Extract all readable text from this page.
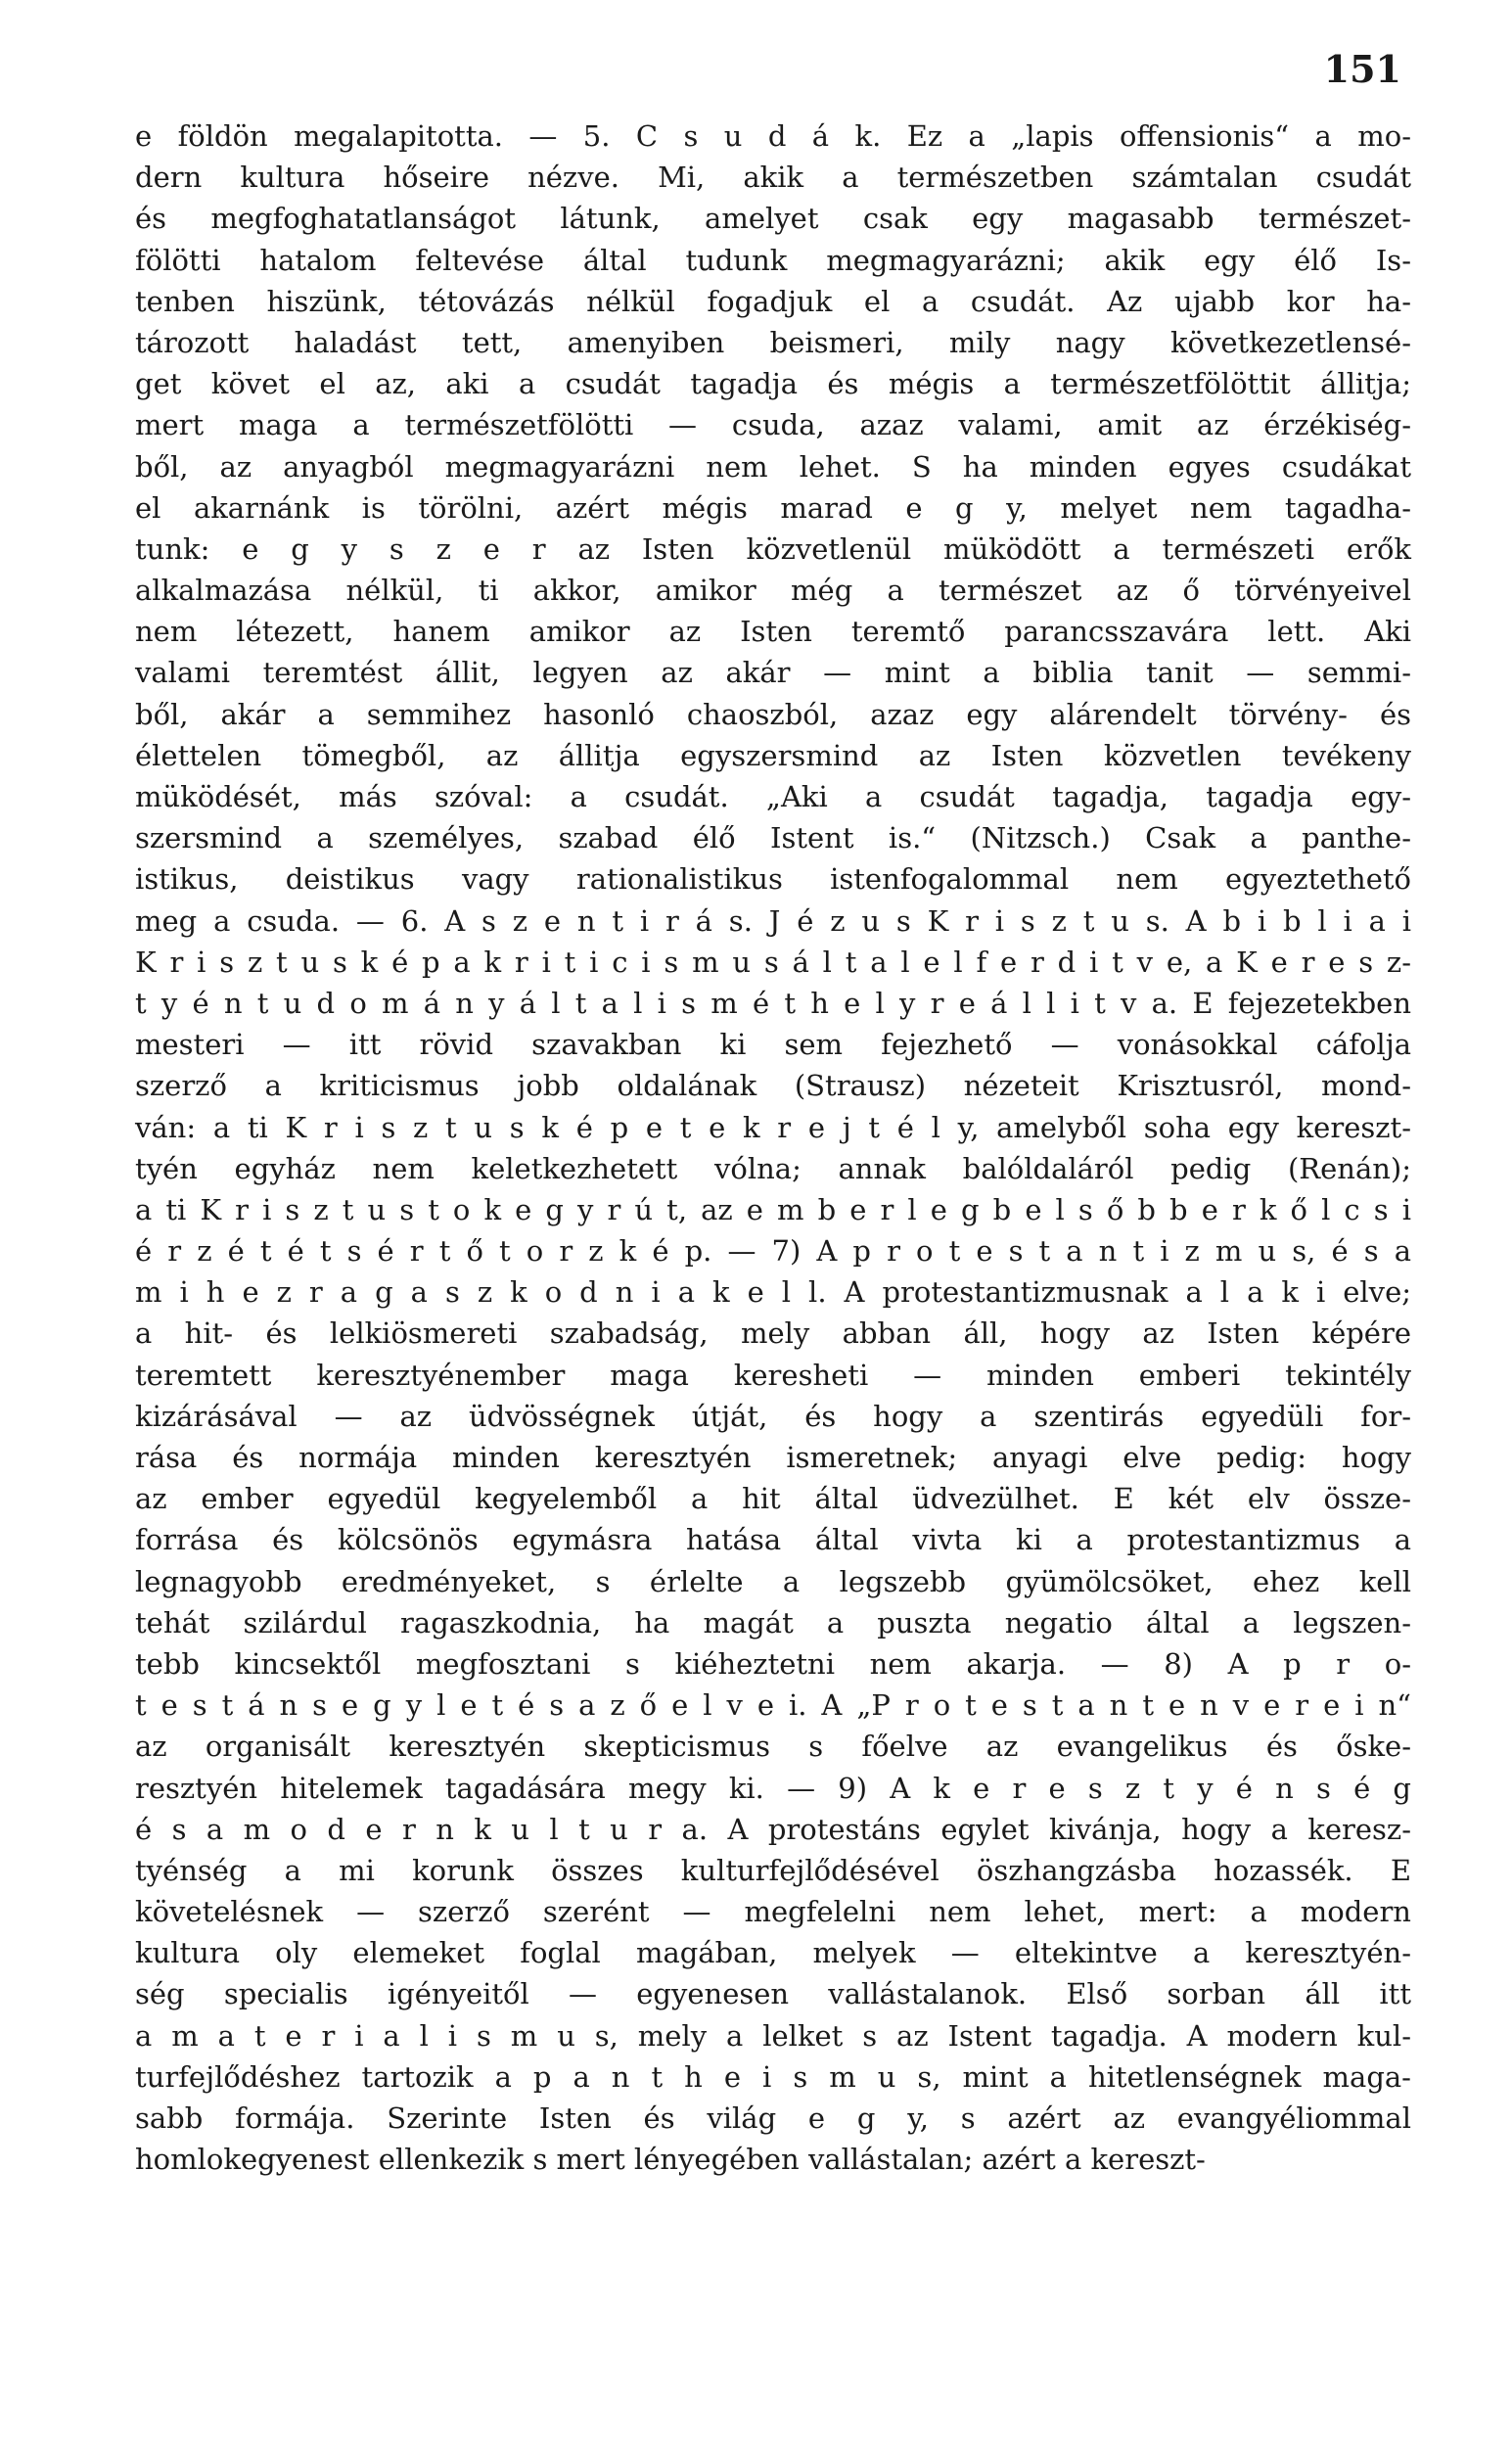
151
e földön megalapitotta. — 5. C s u d á k. Ez a „lapis offensionis“ a mo-
dern kultura hőseire nézve. Mi, akik a természetben számtalan csudát
és megfoghatatlanságot látunk, amelyet csak egy magasabb természet-
fölötti hatalom feltevése által tudunk megmagyarázni; akik egy élő Is-
tenben hiszünk, tétovázás nélkül fogadjuk el a csudát. Az ujabb kor ha-
tározott haladást tett, amenyiben beismeri, mily nagy következetlensé-
get követ el az, aki a csudát tagadja és mégis a természetfölöttit állitja;
mert maga a természetfölötti — csuda, azaz valami, amit az érzékiség-
ből, az anyagból megmagyarázni nem lehet. S ha minden egyes csudákat
el akarnánk is törölni, azért mégis marad e g y, melyet nem tagadha-
tunk: e g y s z e r az Isten közvetlenül müködött a természeti erők
alkalmazása nélkül, ti akkor, amikor még a természet az ő törvényeivel
nem létezett, hanem amikor az Isten teremtő parancsszavára lett. Aki
valami teremtést állit, legyen az akár — mint a biblia tanit — semmi-
ből, akár a semmihez hasonló chaoszból, azaz egy alárendelt törvény- és
élettelen tömegből, az állitja egyszersmind az Isten közvetlen tevékeny
müködését, más szóval: a csudát. „Aki a csudát tagadja, tagadja egy-
szersmind a személyes, szabad élő Istent is.“ (Nitzsch.) Csak a panthe-
istikus, deistikus vagy rationalistikus istenfogalommal nem egyeztethető
meg a csuda. — 6. A s z e n t i r á s. J é z u s K r i s z t u s. A b i b l i a i
K r i s z t u s k é p a k r i t i c i s m u s á l t a l e l f e r d i t v e, a K e r e s z-
t y é n t u d o m á n y á l t a l i s m é t h e l y r e á l l i t v a. E fejezetekben
mesteri — itt rövid szavakban ki sem fejezhető — vonásokkal cáfolja
szerző a kriticismus jobb oldalának (Strausz) nézeteit Krisztusról, mond-
ván: a ti K r i s z t u s k é p e t e k r e j t é l y, amelyből soha egy kereszt-
tyén egyház nem keletkezhetett vólna; annak balóldaláról pedig (Renán);
a ti K r i s z t u s t o k e g y r ú t, az e m b e r l e g b e l s ő b b e r k ő l c s i
é r z é t é t s é r t ő t o r z k é p. — 7) A p r o t e s t a n t i z m u s, é s a
m i h e z r a g a s z k o d n i a k e l l. A protestantizmusnak a l a k i elve;
a hit- és lelkiösmereti szabadság, mely abban áll, hogy az Isten képére
teremtett keresztyénember maga keresheti — minden emberi tekintély
kizárásával — az üdvösségnek útját, és hogy a szentirás egyedüli for-
rása és normája minden keresztyén ismeretnek; anyagi elve pedig: hogy
az ember egyedül kegyelemből a hit által üdvezülhet. E két elv össze-
forrása és kölcsönös egymásra hatása által vivta ki a protestantizmus a
legnagyobb eredményeket, s érlelte a legszebb gyümölcsöket, ehez kell
tehát szilárdul ragaszkodnia, ha magát a puszta negatio által a legszen-
tebb kincsektől megfosztani s kiéheztetni nem akarja. — 8) A p r o-
t e s t á n s e g y l e t é s a z ő e l v e i. A „P r o t e s t a n t e n v e r e i n“
az organisált keresztyén skepticismus s főelve az evangelikus és őske-
resztyén hitelemek tagadására megy ki. — 9) A k e r e s z t y é n s é g
é s a m o d e r n k u l t u r a. A protestáns egylet kivánja, hogy a keresz-
tyénség a mi korunk összes kulturfejlődésével öszhangzásba hozassék. E
követelésnek — szerző szerént — megfelelni nem lehet, mert: a modern
kultura oly elemeket foglal magában, melyek — eltekintve a keresztyén-
ség specialis igényeitől — egyenesen vallástalanok. Első sorban áll itt
a m a t e r i a l i s m u s, mely a lelket s az Istent tagadja. A modern kul-
turfejlődéshez tartozik a p a n t h e i s m u s, mint a hitetlenségnek maga-
sabb formája. Szerinte Isten és világ e g y, s azért az evangyéliommal
homlokegyenest ellenkezik s mert lényegében vallástalan; azért a kereszt-
